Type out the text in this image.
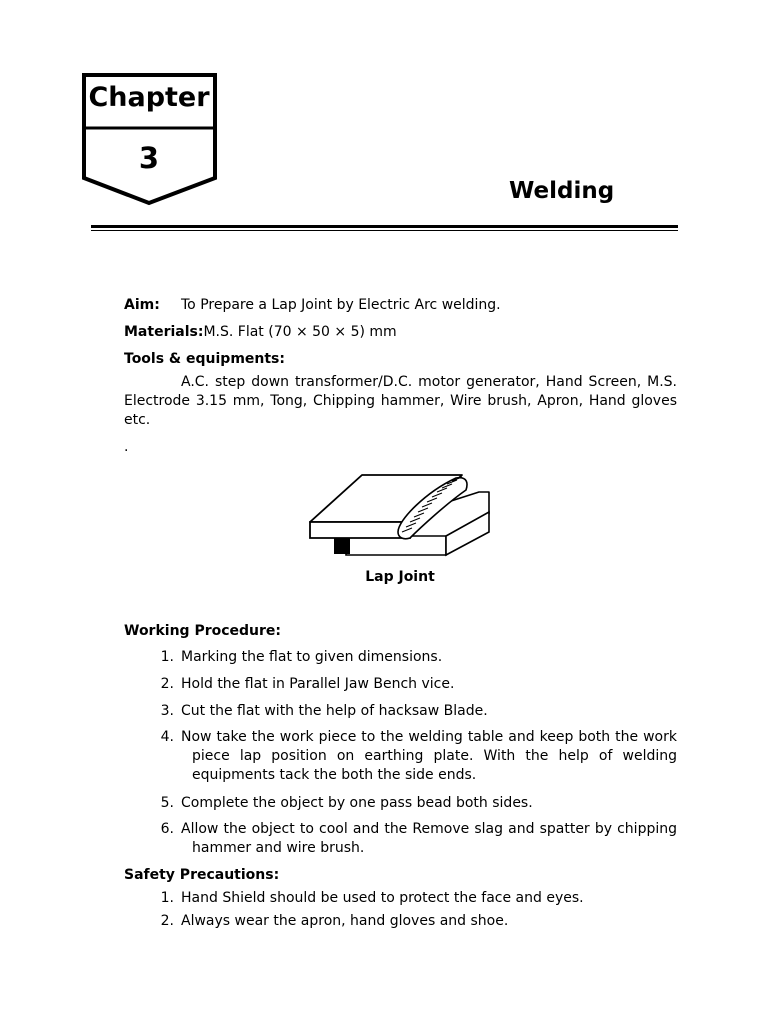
Chapter
3
Welding
Aim: To Prepare a Lap Joint by Electric Arc welding.
Materials:M.S. Flat (70 × 50 × 5) mm
Tools & equipments:
A.C. step down transformer/D.C. motor generator, Hand Screen, M.S. Electrode 3.15 mm, Tong, Chipping hammer, Wire brush, Apron, Hand gloves etc.
.
Lap Joint
Working Procedure:
1. Marking the flat to given dimensions.
2. Hold the flat in Parallel Jaw Bench vice.
3. Cut the flat with the help of hacksaw Blade.
4. Now take the work piece to the welding table and keep both the work piece lap position on earthing plate. With the help of welding equipments tack the both the side ends.
5. Complete the object by one pass bead both sides.
6. Allow the object to cool and the Remove slag and spatter by chipping hammer and wire brush.
Safety Precautions:
1. Hand Shield should be used to protect the face and eyes.
2. Always wear the apron, hand gloves and shoe.
